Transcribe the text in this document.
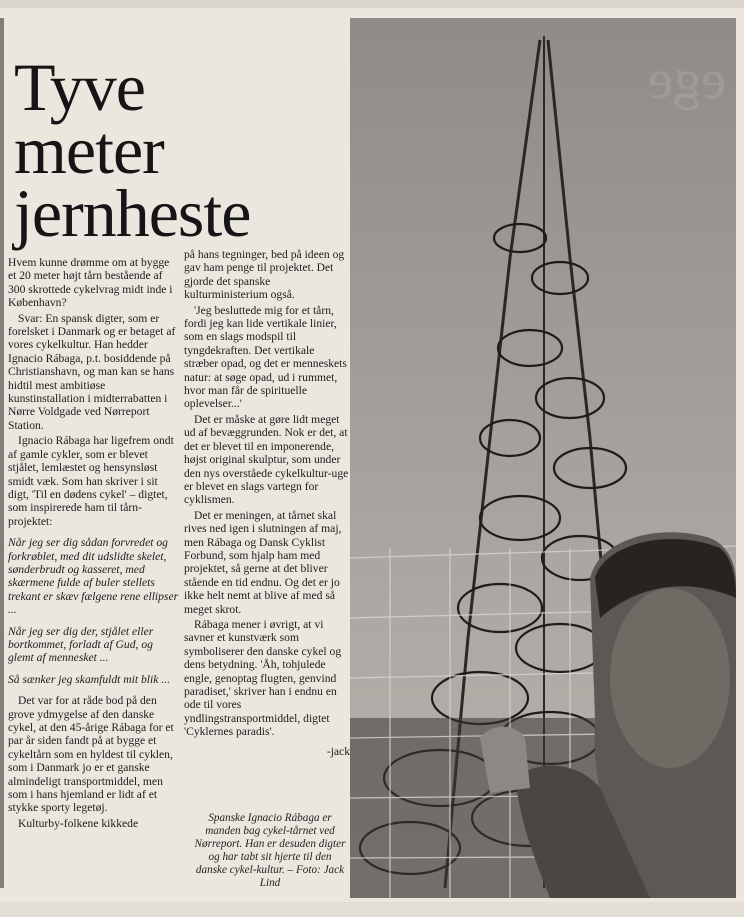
Tyve
meter
jernheste

Hvem kunne drømme om at bygge et 20 meter højt tårn bestående af 300 skrottede cykelvrag midt inde i København?

Svar: En spansk digter, som er forelsket i Danmark og er betaget af vores cykelkultur. Han hedder Ignacio Rábaga, p.t. bosiddende på Christianshavn, og man kan se hans hidtil mest ambitiøse kunstinstallation i midterrabatten i Nørre Voldgade ved Nørreport Station.

Ignacio Rábaga har ligefrem ondt af gamle cykler, som er blevet stjålet, lemlæstet og hensynsløst smidt væk. Som han skriver i sit digt, 'Til en dødens cykel' – digtet, som inspirerede ham til tårn-projektet:

Når jeg ser dig sådan forvredet og forkrøblet, med dit udslidte skelet, sønderbrudt og kasseret, med skærmene fulde af buler stellets trekant er skæv fælgene rene ellipser ...

Når jeg ser dig der, stjålet eller bortkommet, forladt af Gud, og glemt af mennesket ...

Så sænker jeg skamfuldt mit blik ...

Det var for at råde bod på den grove ydmygelse af den danske cykel, at den 45-årige Rábaga for et par år siden fandt på at bygge et cykeltårn som en hyldest til cyklen, som i Danmark jo er et ganske almindeligt transportmiddel, men som i hans hjemland er lidt af et stykke sporty legetøj.

Kulturby-folkene kikkede

på hans tegninger, bed på ideen og gav ham penge til projektet. Det gjorde det spanske kulturministerium også.

'Jeg besluttede mig for et tårn, fordi jeg kan lide vertikale linier, som en slags modspil til tyngdekraften. Det vertikale stræber opad, og det er menneskets natur: at søge opad, ud i rummet, hvor man får de spirituelle oplevelser...'

Det er måske at gøre lidt meget ud af bevæggrunden. Nok er det, at det er blevet til en imponerende, højst original skulptur, som under den nys overståede cykelkultur-uge er blevet en slags vartegn for cyklismen.

Det er meningen, at tårnet skal rives ned igen i slutningen af maj, men Rábaga og Dansk Cyklist Forbund, som hjalp ham med projektet, så gerne at det bliver stående en tid endnu. Og det er jo ikke helt nemt at blive af med så meget skrot.

Rábaga mener i øvrigt, at vi savner et kunstværk som symboliserer den danske cykel og dens betydning. 'Åh, tohjulede engle, genoptag flugten, genvind paradiset,' skriver han i endnu en ode til vores yndlingstransportmiddel, digtet 'Cyklernes paradis'.

-jack

Spanske Ignacio Rábaga er manden bag cykel-tårnet ved Nørreport. Han er desuden digter og har tabt sit hjerte til den danske cykel-kultur. – Foto: Jack Lind
ege
